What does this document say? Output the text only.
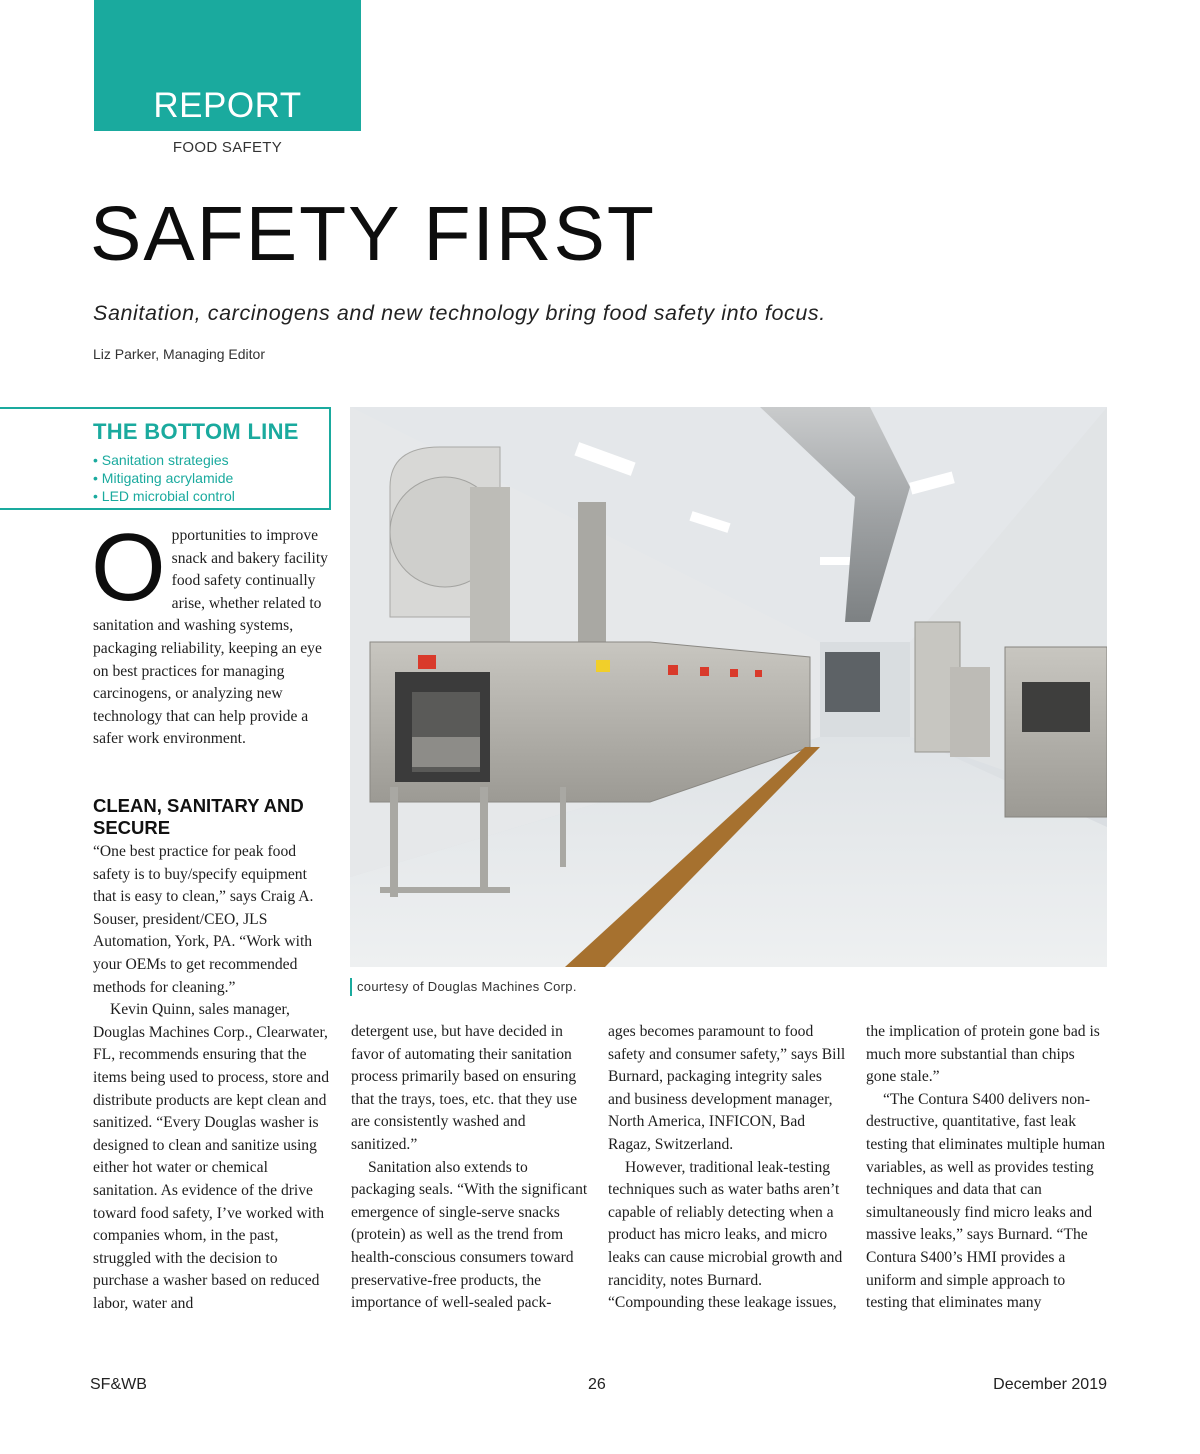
REPORT
FOOD SAFETY
SAFETY FIRST
Sanitation, carcinogens and new technology bring food safety into focus.
Liz Parker, Managing Editor
THE BOTTOM LINE
• Sanitation strategies
• Mitigating acrylamide
• LED microbial control
O pportunities to improve snack and bakery facility food safety continually arise, whether related to sanitation and washing systems, packaging reliability, keeping an eye on best practices for managing carcinogens, or analyzing new technology that can help provide a safer work environment.
CLEAN, SANITARY AND SECURE

“One best practice for peak food safety is to buy/specify equipment that is easy to clean,” says Craig A. Souser, president/CEO, JLS Automation, York, PA. “Work with your OEMs to get recommended methods for cleaning.”

Kevin Quinn, sales manager, Douglas Machines Corp., Clearwater, FL, recommends ensuring that the items being used to process, store and distribute products are kept clean and sanitized. “Every Douglas washer is designed to clean and sanitize using either hot water or chemical sanitation. As evidence of the drive toward food safety, I’ve worked with companies whom, in the past, struggled with the decision to purchase a washer based on reduced labor, water and

courtesy of Douglas Machines Corp.

detergent use, but have decided in favor of automating their sanitation process primarily based on ensuring that the trays, toes, etc. that they use are consistently washed and sanitized.”

Sanitation also extends to packaging seals. “With the significant emergence of single-serve snacks (protein) as well as the trend from health-conscious consumers toward preservative-free products, the importance of well-sealed pack-

ages becomes paramount to food safety and consumer safety,” says Bill Burnard, packaging integrity sales and business development manager, North America, INFICON, Bad Ragaz, Switzerland.

However, traditional leak-testing techniques such as water baths aren’t capable of reliably detecting when a product has micro leaks, and micro leaks can cause microbial growth and rancidity, notes Burnard. “Compounding these leakage issues,

the implication of protein gone bad is much more substantial than chips gone stale.”

“The Contura S400 delivers non-destructive, quantitative, fast leak testing that eliminates multiple human variables, as well as provides testing techniques and data that can simultaneously find micro leaks and massive leaks,” says Burnard. “The Contura S400’s HMI provides a uniform and simple approach to testing that eliminates many

SF&WB	26	December 2019
